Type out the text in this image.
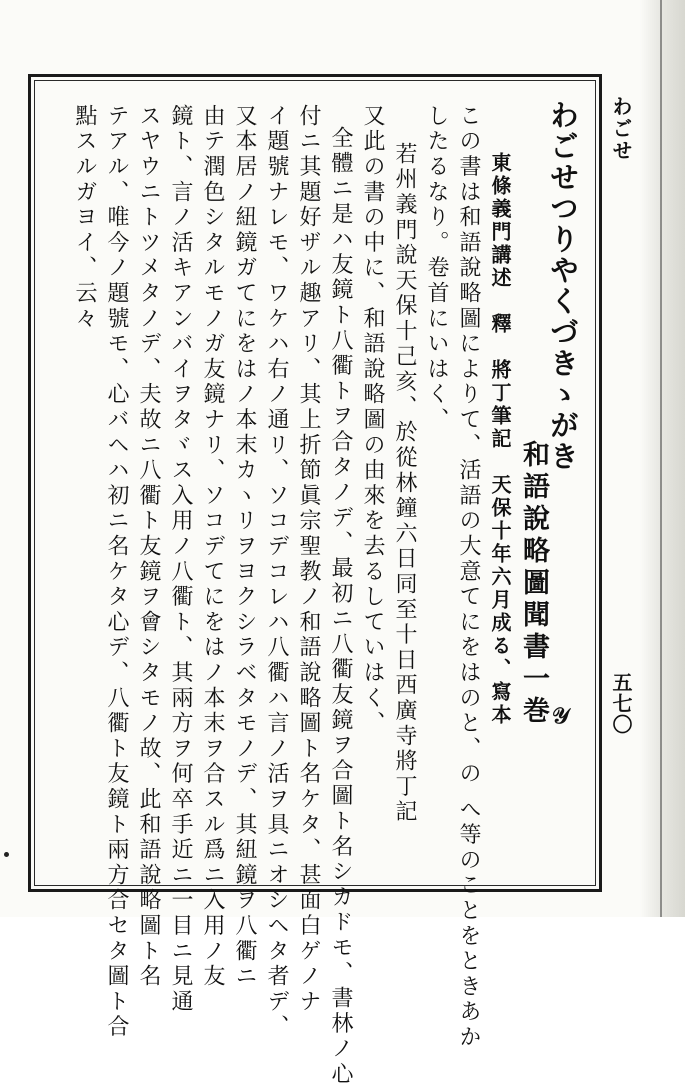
わごせ
五七〇
わごせつりやくづきゝがき
和語說略圖聞書一巻 𝒴
東條義門講述　釋　將丁筆記　天保十年六月成る、寫本
この書は和語說略圖によりて、活語の大意てにをはのと、の へ等のことをときあか
したるなり。卷首にいはく、
若州義門說天保十己亥、於從林鐘六日同至十日西廣寺將丁記
又此の書の中に、和語說略圖の由來を去るしていはく、
全體ニ是ハ友鏡ト八衢トヲ合タノデ、最初ニ八衢友鏡ヲ合圖ト名シカドモ、書林ノ心
付ニ其題好ザル趣アリ、其上折節眞宗聖教ノ和語說略圖ト名ケタ、甚面白ゲノナ
イ題號ナレモ、ワケハ右ノ通リ、ソコデコレハ八衢ハ言ノ活ヲ具ニオシヘタ者デ、
又本居ノ紐鏡ガてにをはノ本末カヽリヲヨクシラベタモノデ、其紐鏡ヲ八衢ニ
由テ潤色シタルモノガ友鏡ナリ、ソコデてにをはノ本末ヲ合スル爲ニ入用ノ友
鏡ト、言ノ活キアンバイヲタヾス入用ノ八衢ト、其兩方ヲ何卒手近ニ一目ニ見通
スヤウニトツメタノデ、夫故ニ八衢ト友鏡ヲ會シタモノ故、此和語說略圖ト名
テアル、唯今ノ題號モ、心バヘハ初ニ名ケタ心デ、八衢ト友鏡ト兩方合セタ圖ト合
點スルガヨイ、云々
